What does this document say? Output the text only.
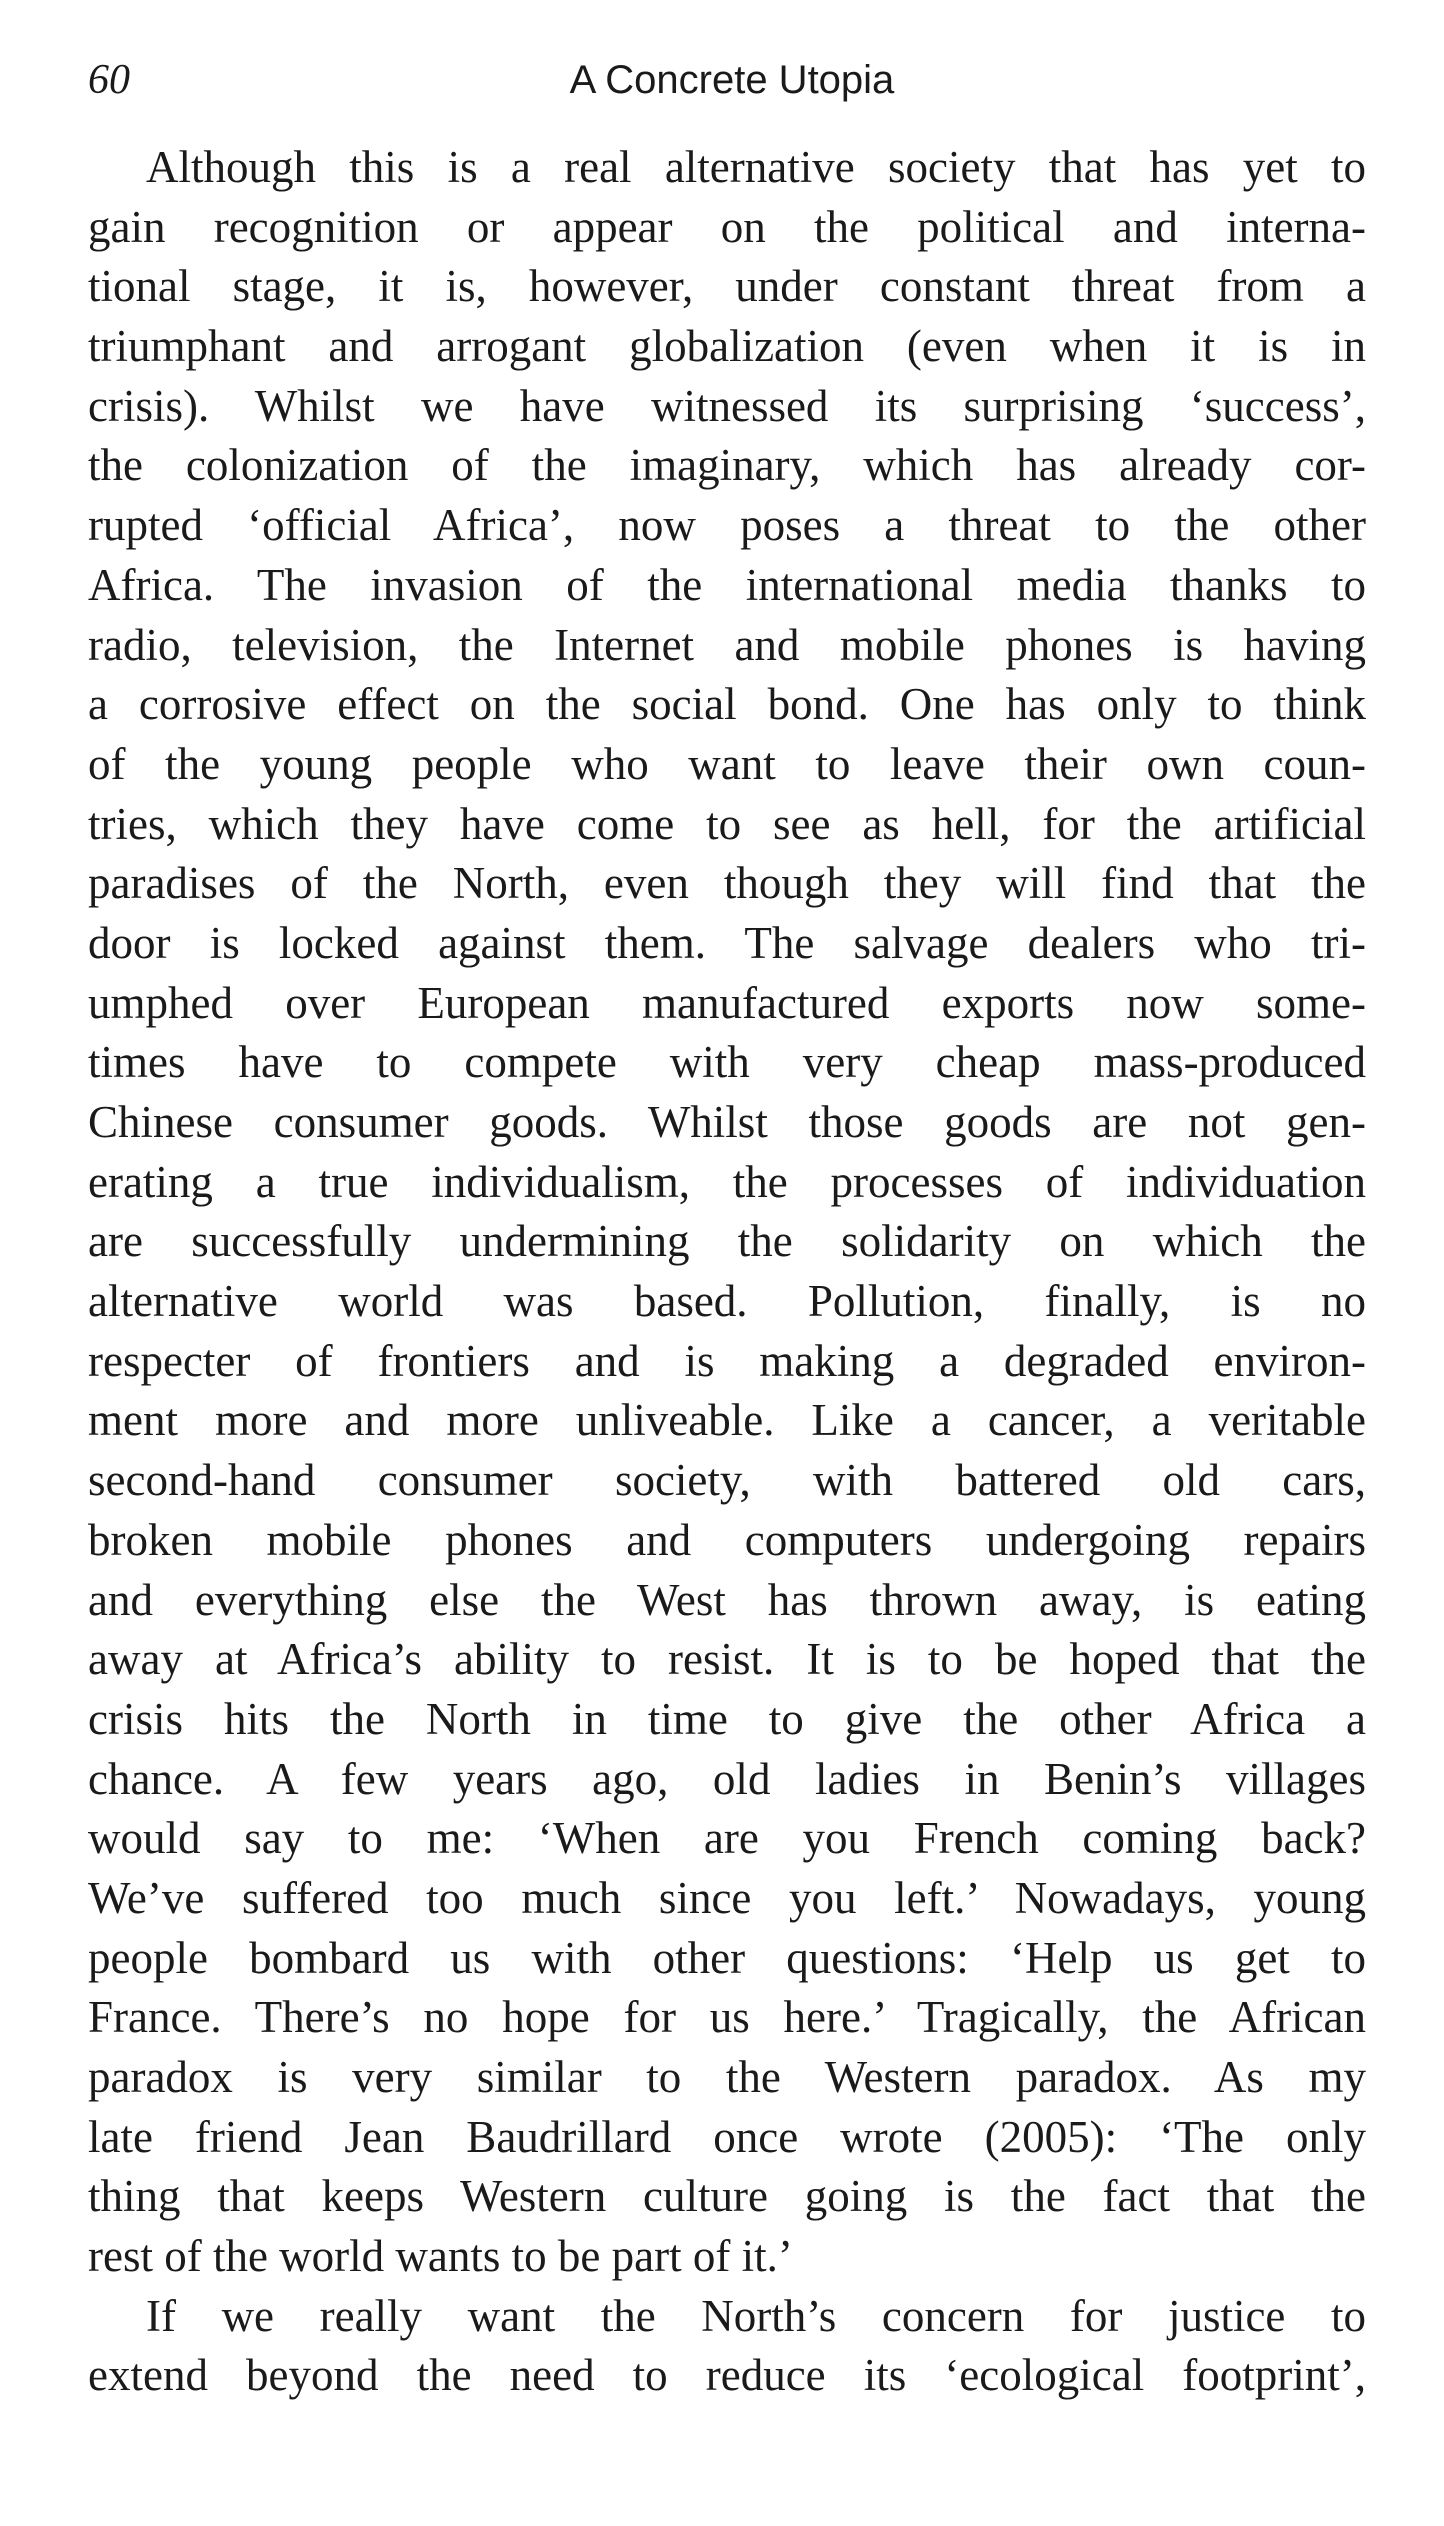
60	A Concrete Utopia
Although this is a real alternative society that has yet to
gain recognition or appear on the political and interna-
tional stage, it is, however, under constant threat from a
triumphant and arrogant globalization (even when it is in
crisis). Whilst we have witnessed its surprising ‘success’,
the colonization of the imaginary, which has already cor-
rupted ‘official Africa’, now poses a threat to the other
Africa. The invasion of the international media thanks to
radio, television, the Internet and mobile phones is having
a corrosive effect on the social bond. One has only to think
of the young people who want to leave their own coun-
tries, which they have come to see as hell, for the artificial
paradises of the North, even though they will find that the
door is locked against them. The salvage dealers who tri-
umphed over European manufactured exports now some-
times have to compete with very cheap mass-produced
Chinese consumer goods. Whilst those goods are not gen-
erating a true individualism, the processes of individuation
are successfully undermining the solidarity on which the
alternative world was based. Pollution, finally, is no
respecter of frontiers and is making a degraded environ-
ment more and more unliveable. Like a cancer, a veritable
second-hand consumer society, with battered old cars,
broken mobile phones and computers undergoing repairs
and everything else the West has thrown away, is eating
away at Africa’s ability to resist. It is to be hoped that the
crisis hits the North in time to give the other Africa a
chance. A few years ago, old ladies in Benin’s villages
would say to me: ‘When are you French coming back?
We’ve suffered too much since you left.’ Nowadays, young
people bombard us with other questions: ‘Help us get to
France. There’s no hope for us here.’ Tragically, the African
paradox is very similar to the Western paradox. As my
late friend Jean Baudrillard once wrote (2005): ‘The only
thing that keeps Western culture going is the fact that the
rest of the world wants to be part of it.’
If we really want the North’s concern for justice to
extend beyond the need to reduce its ‘ecological footprint’,
